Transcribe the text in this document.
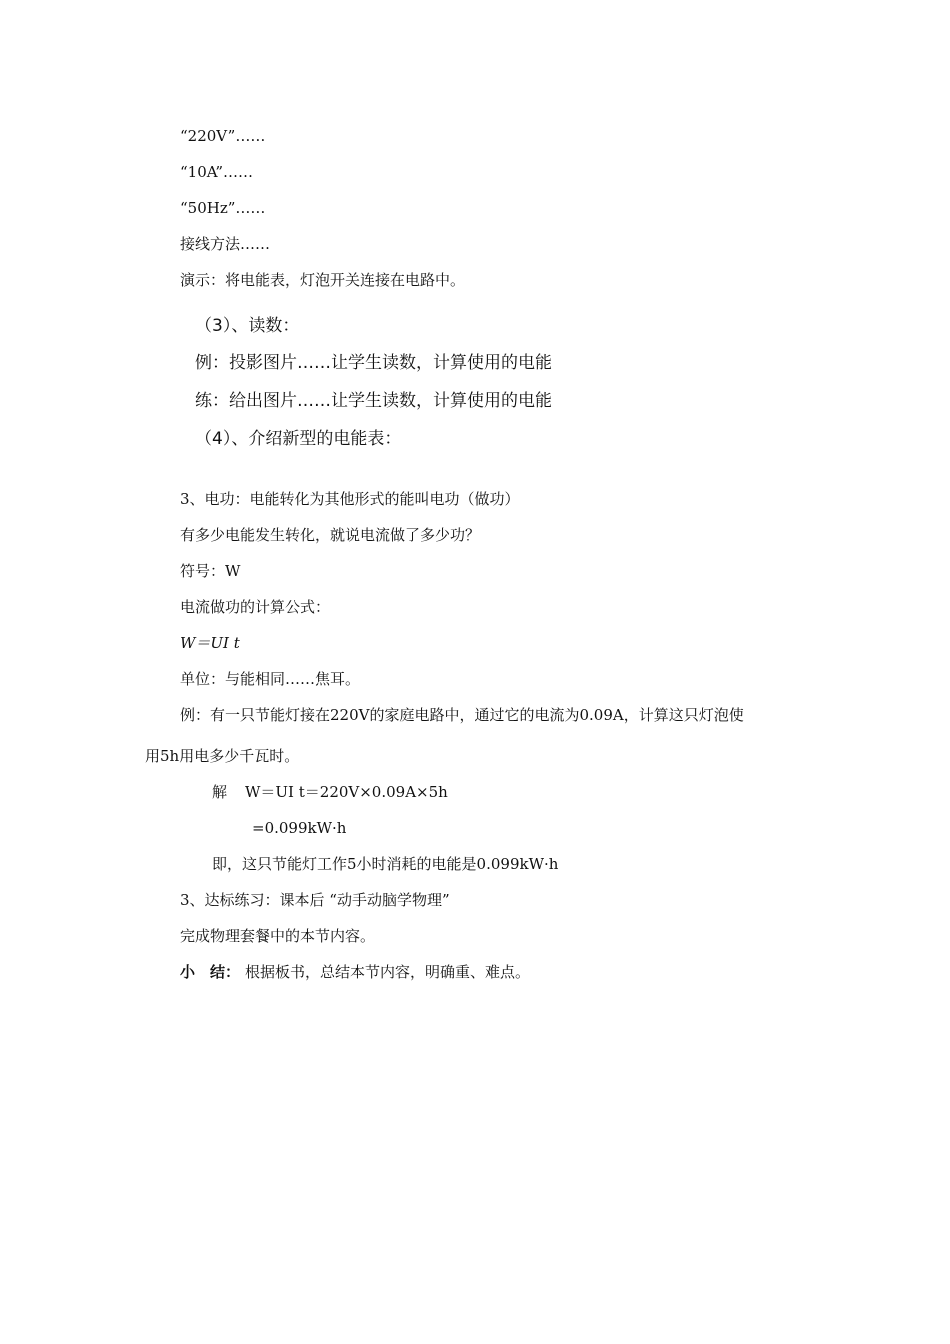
“220V”……
“10A”……
“50Hz”……
接线方法……
演示：将电能表，灯泡开关连接在电路中。
（3）、读数：
例：投影图片……让学生读数，计算使用的电能
练：给出图片……让学生读数，计算使用的电能
（4）、介绍新型的电能表：
3、电功：电能转化为其他形式的能叫电功（做功）
有多少电能发生转化，就说电流做了多少功？
符号：W
电流做功的计算公式：
W＝UI t
单位：与能相同……焦耳。
例：有一只节能灯接在220V的家庭电路中，通过它的电流为0.09A，计算这只灯泡使
用5h用电多少千瓦时。
解 W＝UI t＝220V×0.09A×5h
=0.099kW·h
即，这只节能灯工作5小时消耗的电能是0.099kW·h
3、达标练习：课本后 “动手动脑学物理”
完成物理套餐中的本节内容。
小　结： 根据板书，总结本节内容，明确重、难点。
